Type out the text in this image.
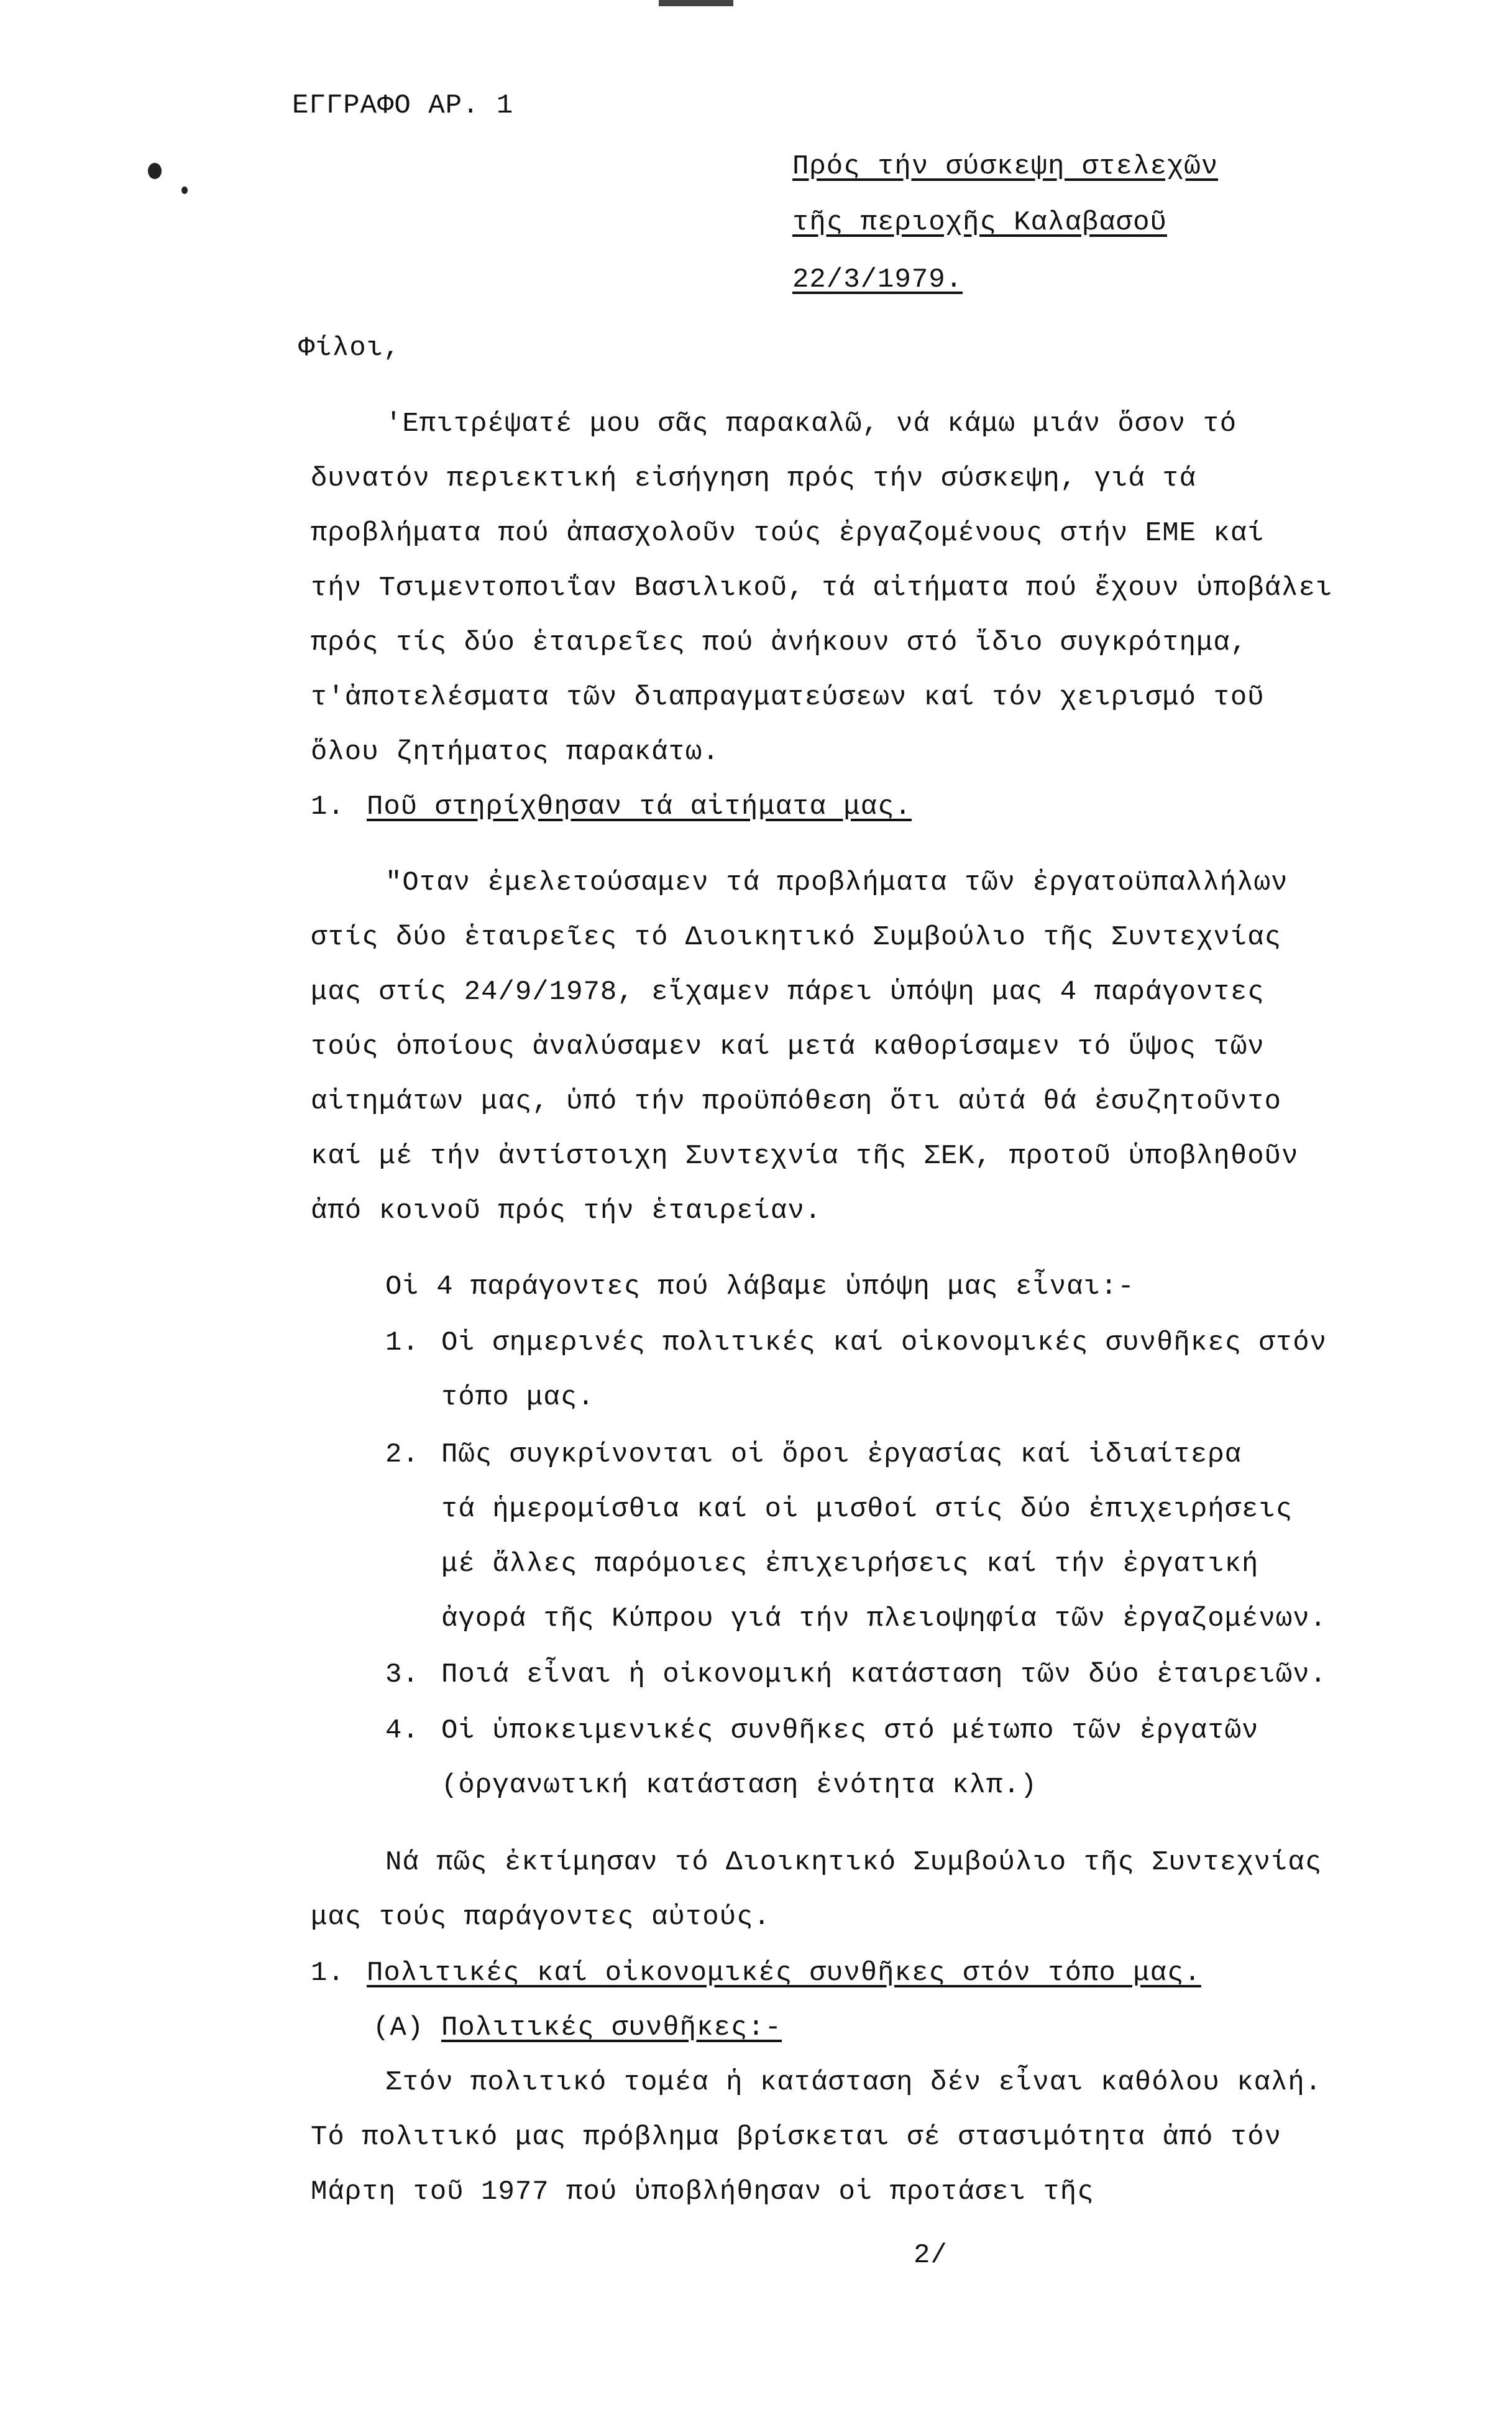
ΕΓΓΡΑΦΟ ΑΡ. 1
Πρός τήν σύσκεψη στελεχῶν
τῆς περιοχῆς Καλαβασοῦ
22/3/1979.
Φίλοι,
'Επιτρέψατέ μου σᾶς παρακαλῶ, νά κάμω μιάν ὅσον τό
δυνατόν περιεκτική εἰσήγηση πρός τήν σύσκεψη, γιά τά
προβλήματα πού ἀπασχολοῦν τούς ἐργαζομένους στήν ΕΜΕ καί
τήν Τσιμεντοποιΐαν Βασιλικοῦ, τά αἰτήματα πού ἔχουν ὑποβάλει
πρός τίς δύο ἑταιρεῖες πού ἀνήκουν στό ἴδιο συγκρότημα,
τ'ἀποτελέσματα τῶν διαπραγματεύσεων καί τόν χειρισμό τοῦ
ὅλου ζητήματος παρακάτω.
1. Ποῦ στηρίχθησαν τά αἰτήματα μας.
"Οταν ἐμελετούσαμεν τά προβλήματα τῶν ἐργατοϋπαλλήλων
στίς δύο ἑταιρεῖες τό Διοικητικό Συμβούλιο τῆς Συντεχνίας
μας στίς 24/9/1978, εἴχαμεν πάρει ὑπόψη μας 4 παράγοντες
τούς ὁποίους ἀναλύσαμεν καί μετά καθορίσαμεν τό ὕψος τῶν
αἰτημάτων μας, ὑπό τήν προϋπόθεση ὅτι αὐτά θά ἐσυζητοῦντο
καί μέ τήν ἀντίστοιχη Συντεχνία τῆς ΣΕΚ, προτοῦ ὑποβληθοῦν
ἀπό κοινοῦ πρός τήν ἑταιρείαν.
Οἱ 4 παράγοντες πού λάβαμε ὑπόψη μας εἶναι:-
1. Οἱ σημερινές πολιτικές καί οἰκονομικές συνθῆκες στόν
τόπο μας.
2. Πῶς συγκρίνονται οἱ ὅροι ἐργασίας καί ἰδιαίτερα
τά ἡμερομίσθια καί οἱ μισθοί στίς δύο ἐπιχειρήσεις
μέ ἄλλες παρόμοιες ἐπιχειρήσεις καί τήν ἐργατική
ἀγορά τῆς Κύπρου γιά τήν πλειοψηφία τῶν ἐργαζομένων.
3. Ποιά εἶναι ἡ οἰκονομική κατάσταση τῶν δύο ἑταιρειῶν.
4. Οἱ ὑποκειμενικές συνθῆκες στό μέτωπο τῶν ἐργατῶν
(ὀργανωτική κατάσταση ἑνότητα κλπ.)
Νά πῶς ἐκτίμησαν τό Διοικητικό Συμβούλιο τῆς Συντεχνίας
μας τούς παράγοντες αὐτούς.
1. Πολιτικές καί οἰκονομικές συνθῆκες στόν τόπο μας.
(Α) Πολιτικές συνθῆκες:-
Στόν πολιτικό τομέα ἡ κατάσταση δέν εἶναι καθόλου καλή.
Τό πολιτικό μας πρόβλημα βρίσκεται σέ στασιμότητα ἀπό τόν
Μάρτη τοῦ 1977 πού ὑποβλήθησαν οἱ προτάσει τῆς
2/
